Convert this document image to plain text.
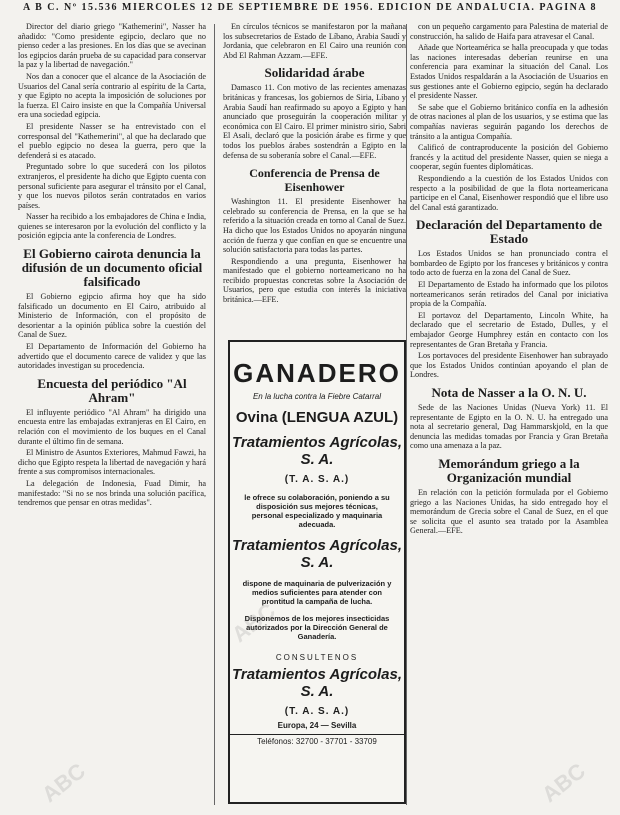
A B C. Nº 15.536 MIERCOLES 12 DE SEPTIEMBRE DE 1956. EDICION DE ANDALUCIA. PAGINA 8

Director del diario griego "Kathemerini", Nasser ha añadido: "Como presidente egipcio, declaro que no pienso ceder a las presiones. En los días que se avecinan los egipcios darán prueba de su capacidad para conservar la paz y la libertad de navegación."

Nos dan a conocer que el alcance de la Asociación de Usuarios del Canal sería contrario al espíritu de la Carta, y que Egipto no acepta la imposición de soluciones por la fuerza. El Cairo insiste en que la Compañía Universal era una sociedad egipcia.

El presidente Nasser se ha entrevistado con el corresponsal del "Kathemerini", al que ha declarado que el pueblo egipcio no desea la guerra, pero que la defenderá si es atacado.

Preguntado sobre lo que sucederá con los pilotos extranjeros, el presidente ha dicho que Egipto cuenta con personal suficiente para asegurar el tránsito por el Canal, y que los nuevos pilotos serán contratados en varios países.

Nasser ha recibido a los embajadores de China e India, quienes se interesaron por la evolución del conflicto y la posición egipcia ante la conferencia de Londres.

El Gobierno cairota denuncia la difusión de un documento oficial falsificado

El Gobierno egipcio afirma hoy que ha sido falsificado un documento en El Cairo, atribuido al Ministerio de Información, con el propósito de desorientar a la opinión pública sobre la cuestión del Canal de Suez.

El Departamento de Información del Gobierno ha advertido que el documento carece de validez y que las autoridades investigan su procedencia.

Encuesta del periódico "Al Ahram"

El influyente periódico "Al Ahram" ha dirigido una encuesta entre las embajadas extranjeras en El Cairo, en relación con el movimiento de los buques en el Canal durante el último fin de semana.

El Ministro de Asuntos Exteriores, Mahmud Fawzi, ha dicho que Egipto respeta la libertad de navegación y hará frente a sus compromisos internacionales.

La delegación de Indonesia, Fuad Dimir, ha manifestado: "Si no se nos brinda una solución pacífica, tendremos que pensar en otras medidas".

En círculos técnicos se manifestaron por la mañana los subsecretarios de Estado de Líbano, Arabia Saudí y Jordania, que celebraron en El Cairo una reunión con Abd El Rahman Azzam.—EFE.

Solidaridad árabe

Damasco 11. Con motivo de las recientes amenazas británicas y francesas, los gobiernos de Siria, Líbano y Arabia Saudí han reafirmado su apoyo a Egipto y han anunciado que proseguirán la cooperación militar y económica con El Cairo. El primer ministro sirio, Sabri El Asali, declaró que la posición árabe es firme y que todos los pueblos árabes sostendrán a Egipto en la defensa de su soberanía sobre el Canal.—EFE.

Conferencia de Prensa de Eisenhower

Washington 11. El presidente Eisenhower ha celebrado su conferencia de Prensa, en la que se ha referido a la situación creada en torno al Canal de Suez. Ha dicho que los Estados Unidos no apoyarán ninguna acción de fuerza y que confían en que se encuentre una solución satisfactoria para todas las partes.

Respondiendo a una pregunta, Eisenhower ha manifestado que el gobierno norteamericano no ha recibido propuestas concretas sobre la Asociación de Usuarios, pero que estudia con interés la iniciativa británica.—EFE.

GANADERO
En la lucha contra la Fiebre Catarral
Ovina (LENGUA AZUL)
Tratamientos Agrícolas, S. A.
(T. A. S. A.)
le ofrece su colaboración, poniendo a su disposición sus mejores técnicas, personal especializado y maquinaria adecuada.
Tratamientos Agrícolas, S. A.
dispone de maquinaria de pulverización y medios suficientes para atender con prontitud la campaña de lucha.
Disponemos de los mejores insecticidas autorizados por la Dirección General de Ganadería.
CONSULTENOS
Tratamientos Agrícolas, S. A.
(T. A. S. A.)
Europa, 24 — Sevilla
Teléfonos: 32700 - 37701 - 33709

con un pequeño cargamento para Palestina de material de construcción, ha salido de Haifa para atravesar el Canal.

Añade que Norteamérica se halla preocupada y que todas las naciones interesadas deberían reunirse en una conferencia para examinar la situación del Canal. Los Estados Unidos respaldarán a la Asociación de Usuarios en sus gestiones ante el Gobierno egipcio, según ha declarado el presidente Nasser.

Se sabe que el Gobierno británico confía en la adhesión de otras naciones al plan de los usuarios, y se estima que las compañías navieras seguirán pagando los derechos de tránsito a la antigua Compañía.

Calificó de contraproducente la posición del Gobierno francés y la actitud del presidente Nasser, quien se niega a cooperar, según fuentes diplomáticas.

Respondiendo a la cuestión de los Estados Unidos con respecto a la posibilidad de que la flota norteamericana participe en el Canal, Eisenhower respondió que el libre uso del Canal está garantizado.

Declaración del Departamento de Estado

Los Estados Unidos se han pronunciado contra el bombardeo de Egipto por los franceses y británicos y contra todo acto de fuerza en la zona del Canal de Suez.

El Departamento de Estado ha informado que los pilotos norteamericanos serán retirados del Canal por iniciativa propia de la Compañía.

El portavoz del Departamento, Lincoln White, ha declarado que el secretario de Estado, Dulles, y el embajador George Humphrey están en contacto con los representantes de Gran Bretaña y Francia.

Los portavoces del presidente Eisenhower han subrayado que los Estados Unidos continúan apoyando el plan de Londres.

Nota de Nasser a la O. N. U.

Sede de las Naciones Unidas (Nueva York) 11. El representante de Egipto en la O. N. U. ha entregado una nota al secretario general, Dag Hammarskjold, en la que denuncia las medidas tomadas por Francia y Gran Bretaña como una amenaza a la paz.

Memorándum griego a la Organización mundial

En relación con la petición formulada por el Gobierno griego a las Naciones Unidas, ha sido entregado hoy el memorándum de Grecia sobre el Canal de Suez, en el que se solicita que el asunto sea tratado por la Asamblea General.—EFE.

ABC	ABC
